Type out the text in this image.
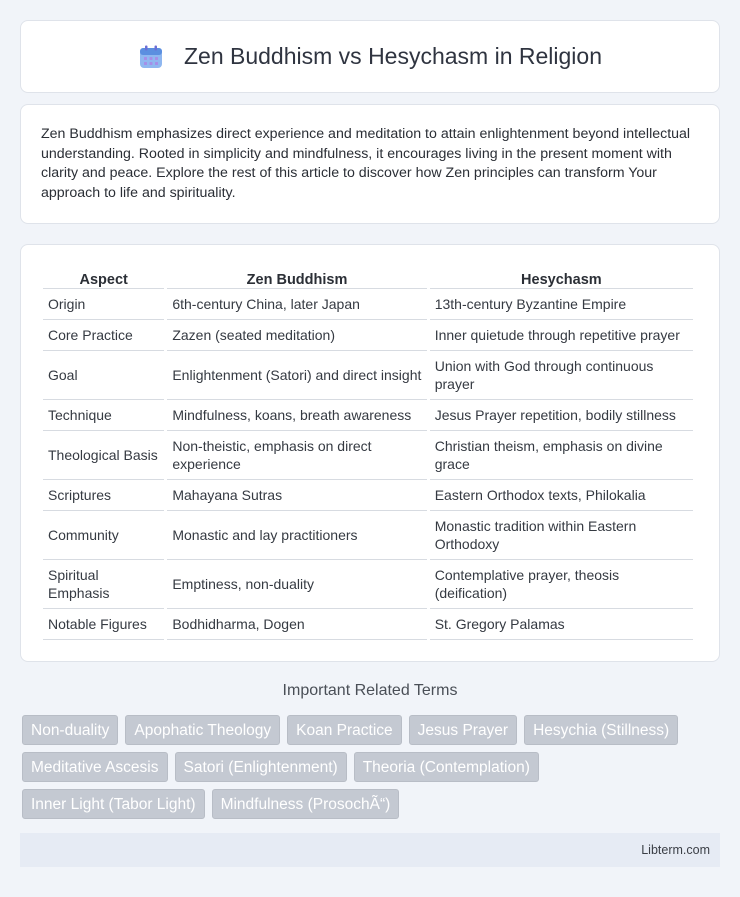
Zen Buddhism vs Hesychasm in Religion

Zen Buddhism emphasizes direct experience and meditation to attain enlightenment beyond intellectual understanding. Rooted in simplicity and mindfulness, it encourages living in the present moment with clarity and peace. Explore the rest of this article to discover how Zen principles can transform Your approach to life and spirituality.

Aspect	Zen Buddhism	Hesychasm
Origin	6th-century China, later Japan	13th-century Byzantine Empire
Core Practice	Zazen (seated meditation)	Inner quietude through repetitive prayer
Goal	Enlightenment (Satori) and direct insight	Union with God through continuous prayer
Technique	Mindfulness, koans, breath awareness	Jesus Prayer repetition, bodily stillness
Theological Basis	Non-theistic, emphasis on direct experience	Christian theism, emphasis on divine grace
Scriptures	Mahayana Sutras	Eastern Orthodox texts, Philokalia
Community	Monastic and lay practitioners	Monastic tradition within Eastern Orthodoxy
Spiritual Emphasis	Emptiness, non-duality	Contemplative prayer, theosis (deification)
Notable Figures	Bodhidharma, Dogen	St. Gregory Palamas
Important Related Terms
Non-duality	Apophatic Theology	Koan Practice	Jesus Prayer	Hesychia (Stillness)
Meditative Ascesis	Satori (Enlightenment)	Theoria (Contemplation)
Inner Light (Tabor Light)	Mindfulness (ProsochÃ“)
Libterm.com
